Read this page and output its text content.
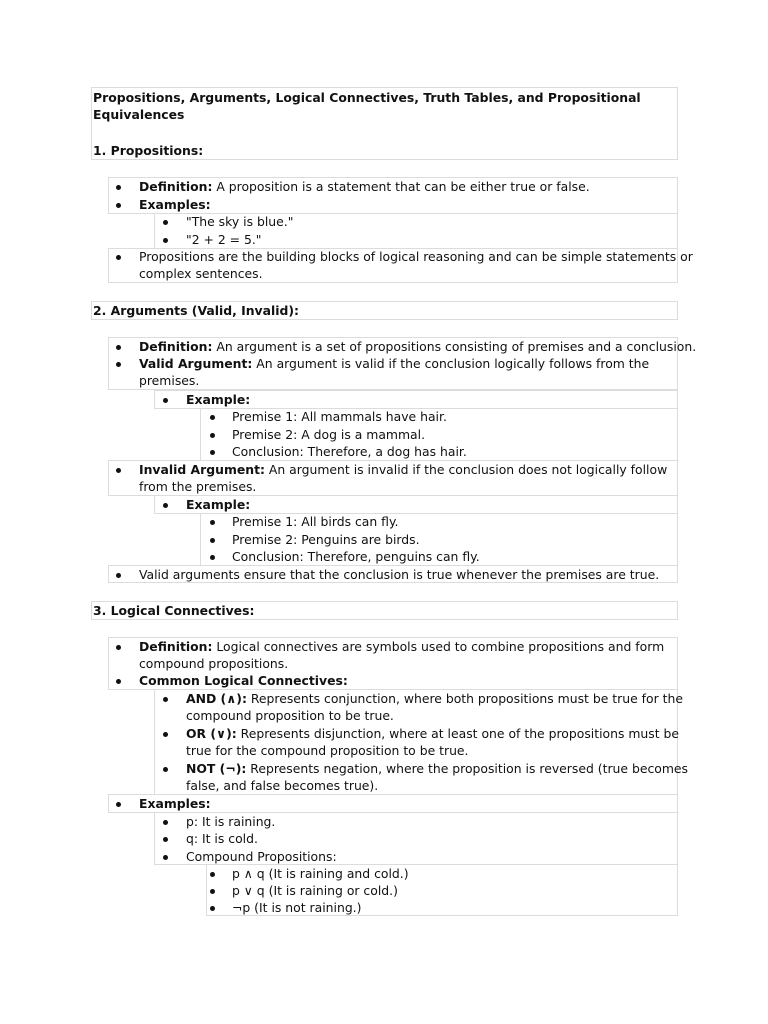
Propositions, Arguments, Logical Connectives, Truth Tables, and Propositional
Equivalences
1. Propositions:
Definition: A proposition is a statement that can be either true or false.
Examples:
"The sky is blue."
"2 + 2 = 5."
Propositions are the building blocks of logical reasoning and can be simple statements or
complex sentences.
2. Arguments (Valid, Invalid):
Definition: An argument is a set of propositions consisting of premises and a conclusion.
Valid Argument: An argument is valid if the conclusion logically follows from the
premises.
Example:
Premise 1: All mammals have hair.
Premise 2: A dog is a mammal.
Conclusion: Therefore, a dog has hair.
Invalid Argument: An argument is invalid if the conclusion does not logically follow
from the premises.
Example:
Premise 1: All birds can fly.
Premise 2: Penguins are birds.
Conclusion: Therefore, penguins can fly.
Valid arguments ensure that the conclusion is true whenever the premises are true.
3. Logical Connectives:
Definition: Logical connectives are symbols used to combine propositions and form
compound propositions.
Common Logical Connectives:
AND (∧): Represents conjunction, where both propositions must be true for the
compound proposition to be true.
OR (∨): Represents disjunction, where at least one of the propositions must be
true for the compound proposition to be true.
NOT (¬): Represents negation, where the proposition is reversed (true becomes
false, and false becomes true).
Examples:
p: It is raining.
q: It is cold.
Compound Propositions:
p ∧ q (It is raining and cold.)
p ∨ q (It is raining or cold.)
¬p (It is not raining.)
